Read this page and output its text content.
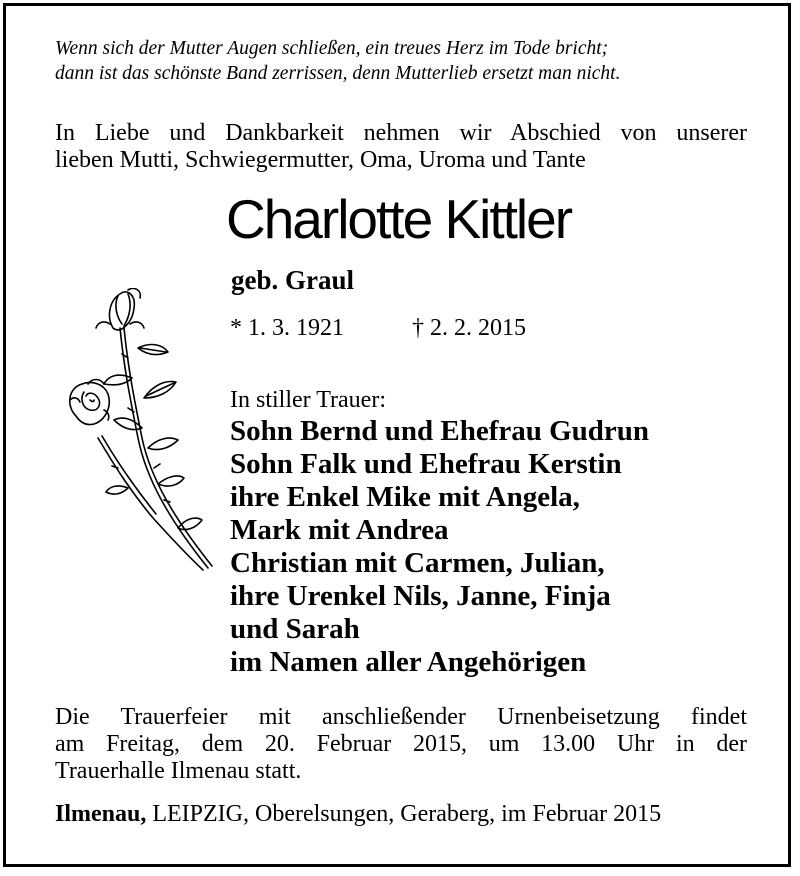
Wenn sich der Mutter Augen schließen, ein treues Herz im Tode bricht;
dann ist das schönste Band zerrissen, denn Mutterlieb ersetzt man nicht.
In Liebe und Dankbarkeit nehmen wir Abschied von unserer
lieben Mutti, Schwiegermutter, Oma, Uroma und Tante
Charlotte Kittler
geb. Graul
* 1. 3. 1921	† 2. 2. 2015
In stiller Trauer:
Sohn Bernd und Ehefrau Gudrun
Sohn Falk und Ehefrau Kerstin
ihre Enkel Mike mit Angela,
Mark mit Andrea
Christian mit Carmen, Julian,
ihre Urenkel Nils, Janne, Finja
und Sarah
im Namen aller Angehörigen
Die Trauerfeier mit anschließender Urnenbeisetzung findet
am Freitag, dem 20. Februar 2015, um 13.00 Uhr in der
Trauerhalle Ilmenau statt.
Ilmenau, LEIPZIG, Oberelsungen, Geraberg, im Februar 2015
